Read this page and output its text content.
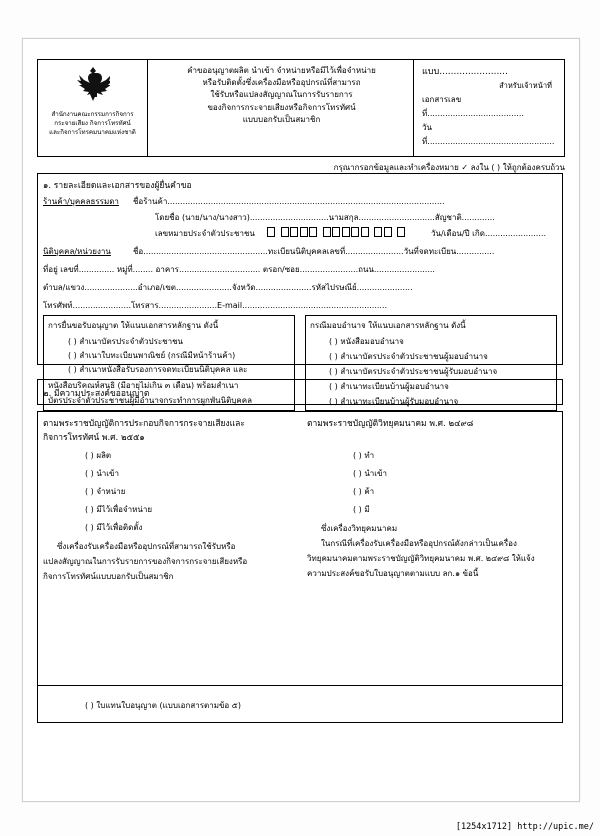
สำนักงานคณะกรรมการกิจการ
กระจายเสียง กิจการโทรทัศน์
และกิจการโทรคมนาคมแห่งชาติ
คำขออนุญาตผลิต นำเข้า จำหน่ายหรือมีไว้เพื่อจำหน่าย
หรือรับติดตั้งซึ่งเครื่องมือหรืออุปกรณ์ที่สามารถ
ใช้รับหรือแปลงสัญญาณในการรับรายการ
ของกิจการกระจายเสียงหรือกิจการโทรทัศน์
แบบบอกรับเป็นสมาชิก
แบบ........................
สำหรับเจ้าหน้าที่
เอกสารเลขที่......................................
วันที่..................................................
กรุณากรอกข้อมูลและทำเครื่องหมาย ✓ ลงใน ( ) ให้ถูกต้องครบถ้วน
๑. รายละเอียดและเอกสารของผู้ยื่นคำขอ
ร้านค้า/บุคคลธรรมดา ชื่อร้านค้า.............................................................................................................
โดยชื่อ (นาย/นาง/นางสาว)...............................นามสกุล..............................สัญชาติ.............
เลขหมายประจำตัวประชาชน	วัน/เดือน/ปี เกิด........................
นิติบุคคล/หน่วยงาน	ชื่อ.................................................ทะเบียนนิติบุคคลเลขที่.......................วันที่จดทะเบียน...............
ที่อยู่ เลขที่.............. หมู่ที่........ อาคาร................................ ตรอก/ซอย.......................ถนน........................
ตำบล/แขวง.....................อำเภอ/เขต......................จังหวัด......................รหัสไปรษณีย์......................
โทรศัพท์.......................โทรสาร.......................E-mail.........................................................
การยื่นขอรับอนุญาต ให้แนบเอกสารหลักฐาน ดังนี้
( ) สำเนาบัตรประจำตัวประชาชน
( ) สำเนาใบทะเบียนพาณิชย์ (กรณีมีหน้าร้านค้า)
( ) สำเนาหนังสือรับรองการจดทะเบียนนิติบุคคล และ
หนังสือบริคณห์สนธิ (มีอายุไม่เกิน ๓ เดือน) พร้อมสำเนา
บัตรประจำตัวประชาชนผู้มีอำนาจกระทำการผูกพันนิติบุคคล
กรณีมอบอำนาจ ให้แนบเอกสารหลักฐาน ดังนี้
( ) หนังสือมอบอำนาจ
( ) สำเนาบัตรประจำตัวประชาชนผู้มอบอำนาจ
( ) สำเนาบัตรประจำตัวประชาชนผู้รับมอบอำนาจ
( ) สำเนาทะเบียนบ้านผู้มอบอำนาจ
( ) สำเนาทะเบียนบ้านผู้รับมอบอำนาจ
๒. มีความประสงค์ขออนุญาต
ตามพระราชบัญญัติการประกอบกิจการกระจายเสียงและ
กิจการโทรทัศน์ พ.ศ. ๒๕๕๑
( ) ผลิต
( ) นำเข้า
( ) จำหน่าย
( ) มีไว้เพื่อจำหน่าย
( ) มีไว้เพื่อติดตั้ง
ซึ่งเครื่องรับเครื่องมือหรืออุปกรณ์ที่สามารถใช้รับหรือ
แปลงสัญญาณในการรับรายการของกิจการกระจายเสียงหรือ
กิจการโทรทัศน์แบบบอกรับเป็นสมาชิก
ตามพระราชบัญญัติวิทยุคมนาคม พ.ศ. ๒๔๙๘
( ) ทำ
( ) นำเข้า
( ) ค้า
( ) มี
ซึ่งเครื่องวิทยุคมนาคม
ในกรณีที่เครื่องรับเครื่องมือหรืออุปกรณ์ดังกล่าวเป็นเครื่อง
วิทยุคมนาคมตามพระราชบัญญัติวิทยุคมนาคม พ.ศ. ๒๔๙๘ ให้แจ้ง
ความประสงค์ขอรับใบอนุญาตตามแบบ ลก.๑ ข้อนี้
( ) ใบแทนใบอนุญาต (แบบเอกสารตามข้อ ๕)
[1254x1712] http://upic.me/
